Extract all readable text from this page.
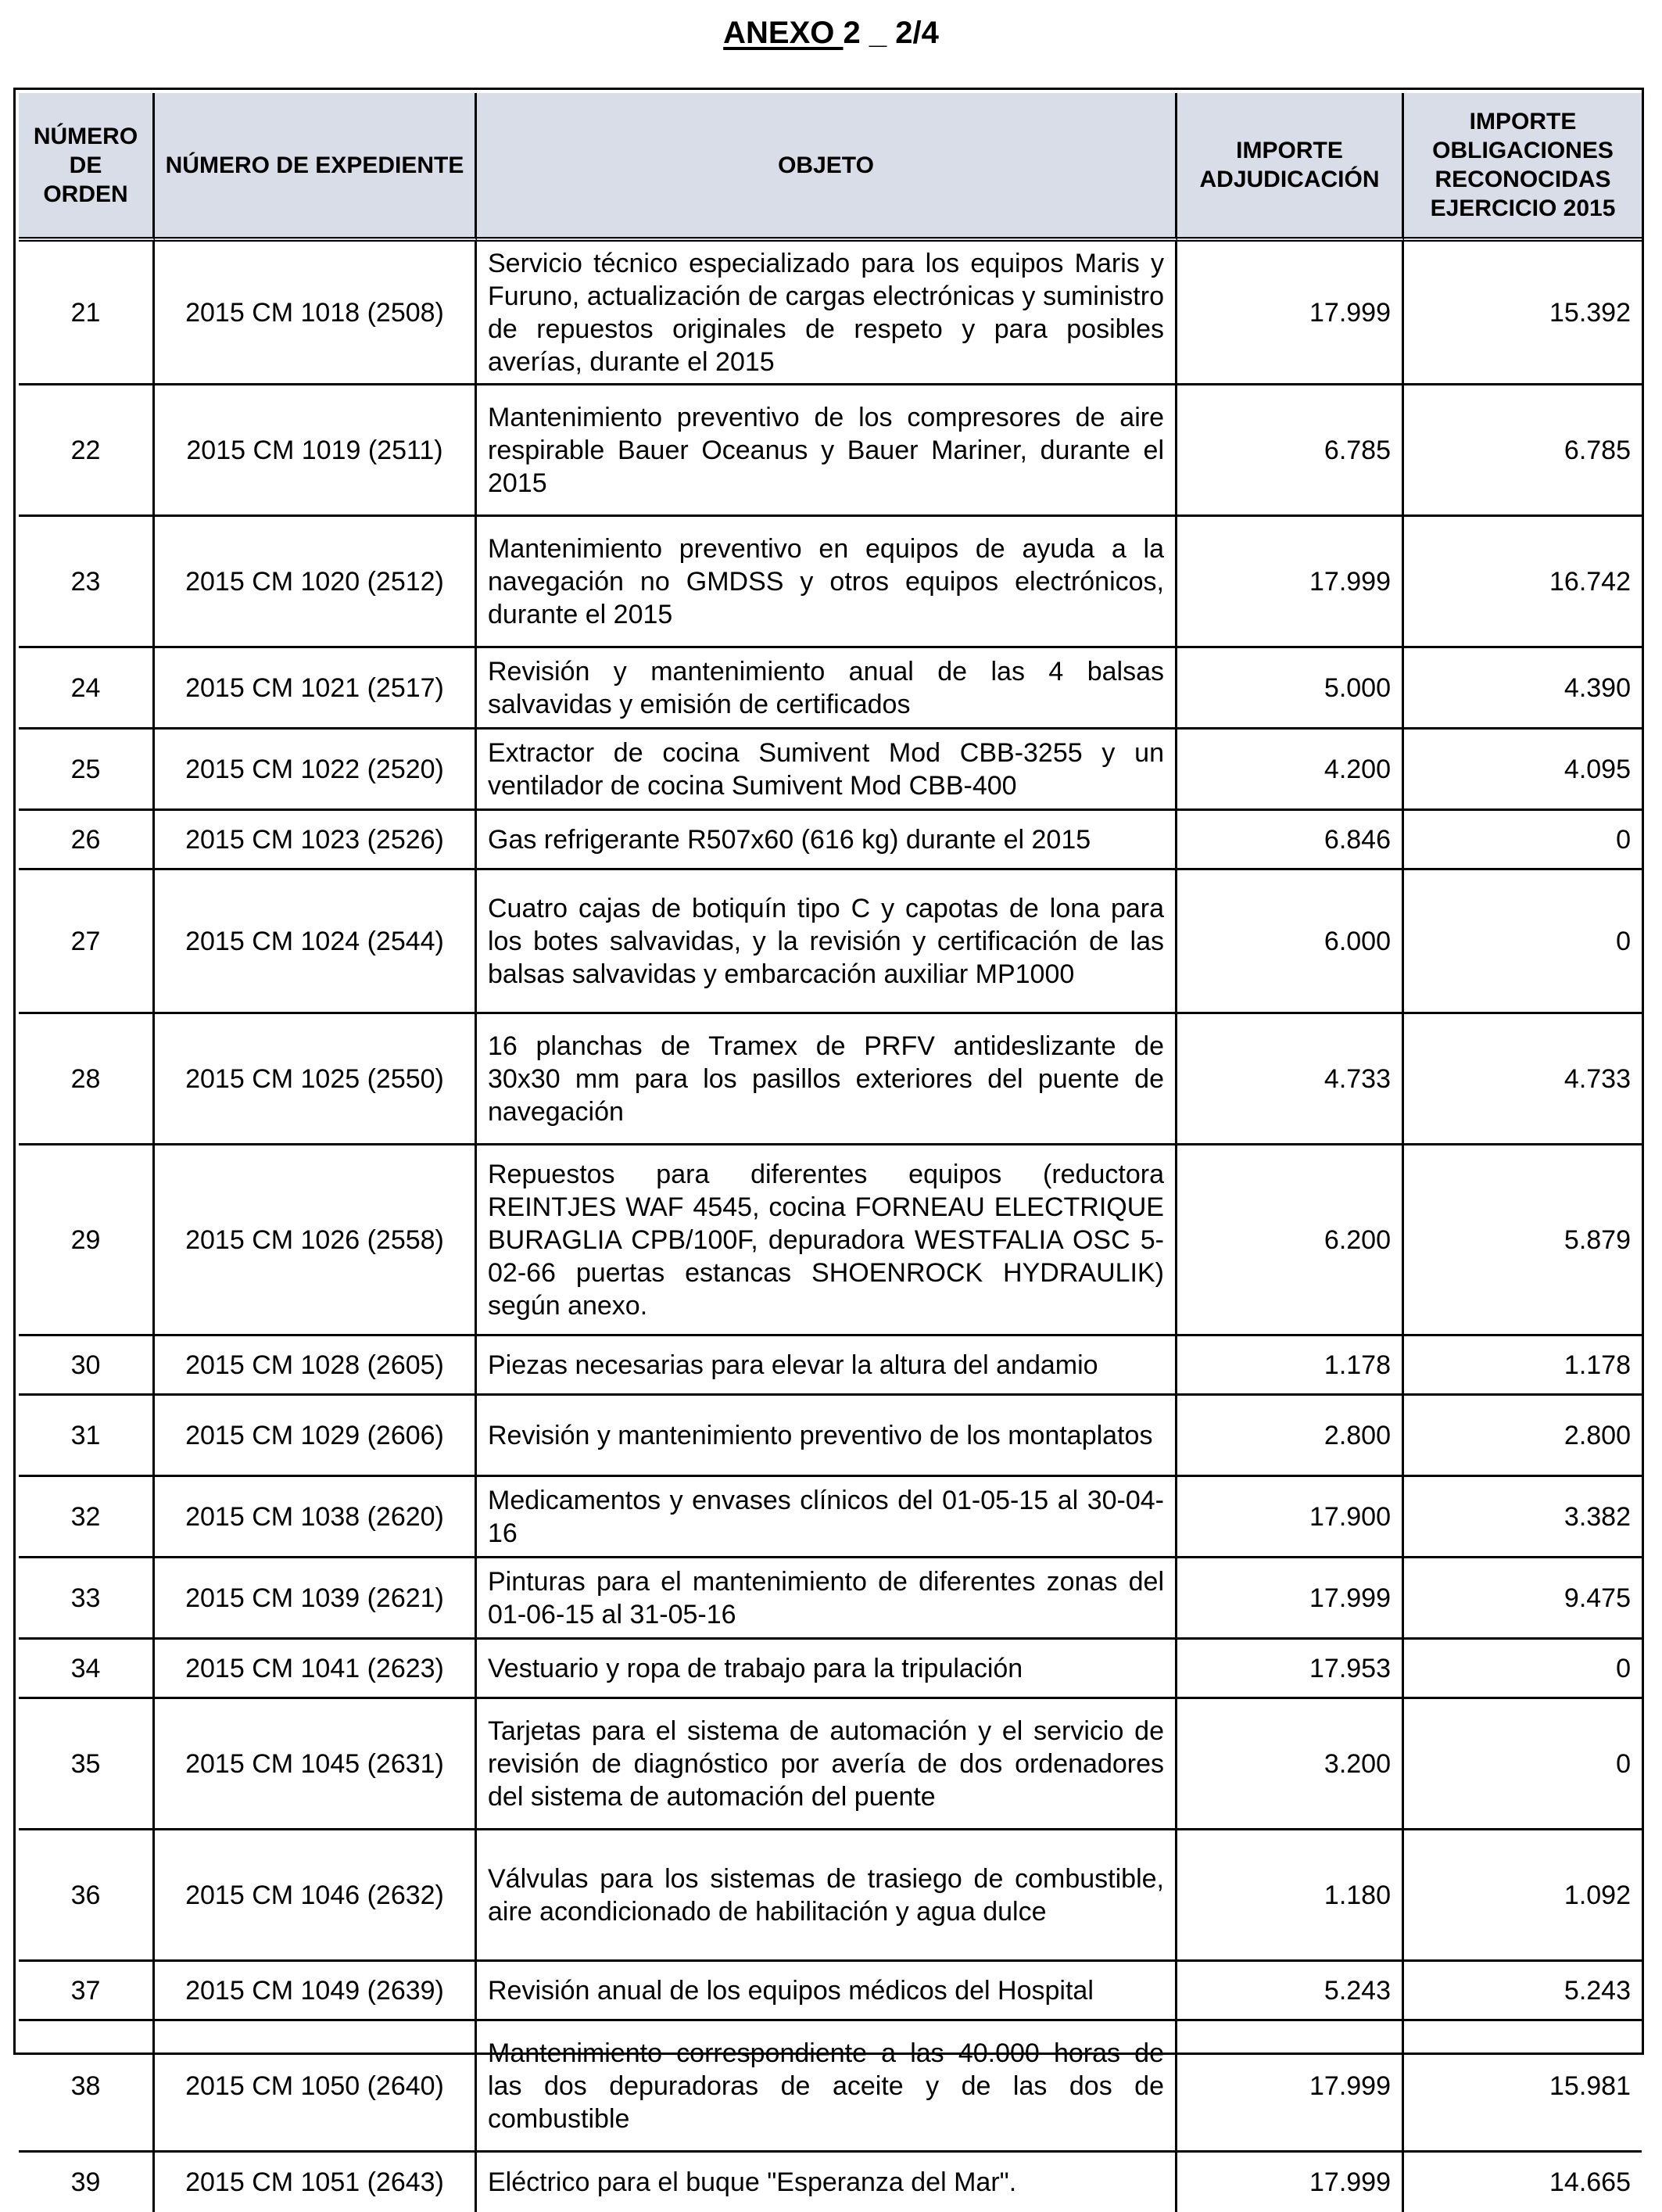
ANEXO 2 _ 2/4
NÚMERO DE ORDEN	NÚMERO DE EXPEDIENTE	OBJETO	IMPORTE ADJUDICACIÓN	IMPORTE OBLIGACIONES RECONOCIDAS EJERCICIO 2015
21	2015 CM 1018 (2508)	Servicio técnico especializado para los equipos Maris y Furuno, actualización de cargas electrónicas y suministro de repuestos originales de respeto y para posibles averías, durante el 2015	17.999	15.392
22	2015 CM 1019 (2511)	Mantenimiento preventivo de los compresores de aire respirable Bauer Oceanus y Bauer Mariner, durante el 2015	6.785	6.785
23	2015 CM 1020 (2512)	Mantenimiento preventivo en equipos de ayuda a la navegación no GMDSS y otros equipos electrónicos, durante el 2015	17.999	16.742
24	2015 CM 1021 (2517)	Revisión y mantenimiento anual de las 4 balsas salvavidas y emisión de certificados	5.000	4.390
25	2015 CM 1022 (2520)	Extractor de cocina Sumivent Mod CBB-3255 y un ventilador de cocina Sumivent Mod CBB-400	4.200	4.095
26	2015 CM 1023 (2526)	Gas refrigerante R507x60 (616 kg) durante el 2015	6.846	0
27	2015 CM 1024 (2544)	Cuatro cajas de botiquín tipo C y capotas de lona para los botes salvavidas, y la revisión y certificación de las balsas salvavidas y embarcación auxiliar MP1000	6.000	0
28	2015 CM 1025 (2550)	16 planchas de Tramex de PRFV antideslizante de 30x30 mm para los pasillos exteriores del puente de navegación	4.733	4.733
29	2015 CM 1026 (2558)	Repuestos para diferentes equipos (reductora REINTJES WAF 4545, cocina FORNEAU ELECTRIQUE BURAGLIA CPB/100F, depuradora WESTFALIA OSC 5-02-66 puertas estancas SHOENROCK HYDRAULIK) según anexo.	6.200	5.879
30	2015 CM 1028 (2605)	Piezas necesarias para elevar la altura del andamio	1.178	1.178
31	2015 CM 1029 (2606)	Revisión y mantenimiento preventivo de los montaplatos	2.800	2.800
32	2015 CM 1038 (2620)	Medicamentos y envases clínicos del 01-05-15 al 30-04-16	17.900	3.382
33	2015 CM 1039 (2621)	Pinturas para el mantenimiento de diferentes zonas del 01-06-15 al 31-05-16	17.999	9.475
34	2015 CM 1041 (2623)	Vestuario y ropa de trabajo para la tripulación	17.953	0
35	2015 CM 1045 (2631)	Tarjetas para el sistema de automación y el servicio de revisión de diagnóstico por avería de dos ordenadores del sistema de automación del puente	3.200	0
36	2015 CM 1046 (2632)	Válvulas para los sistemas de trasiego de combustible, aire acondicionado de habilitación y agua dulce	1.180	1.092
37	2015 CM 1049 (2639)	Revisión anual de los equipos médicos del Hospital	5.243	5.243
38	2015 CM 1050 (2640)	Mantenimiento correspondiente a las 40.000 horas de las dos depuradoras de aceite y de las dos de combustible	17.999	15.981
39	2015 CM 1051 (2643)	Eléctrico para el buque "Esperanza del Mar".	17.999	14.665
